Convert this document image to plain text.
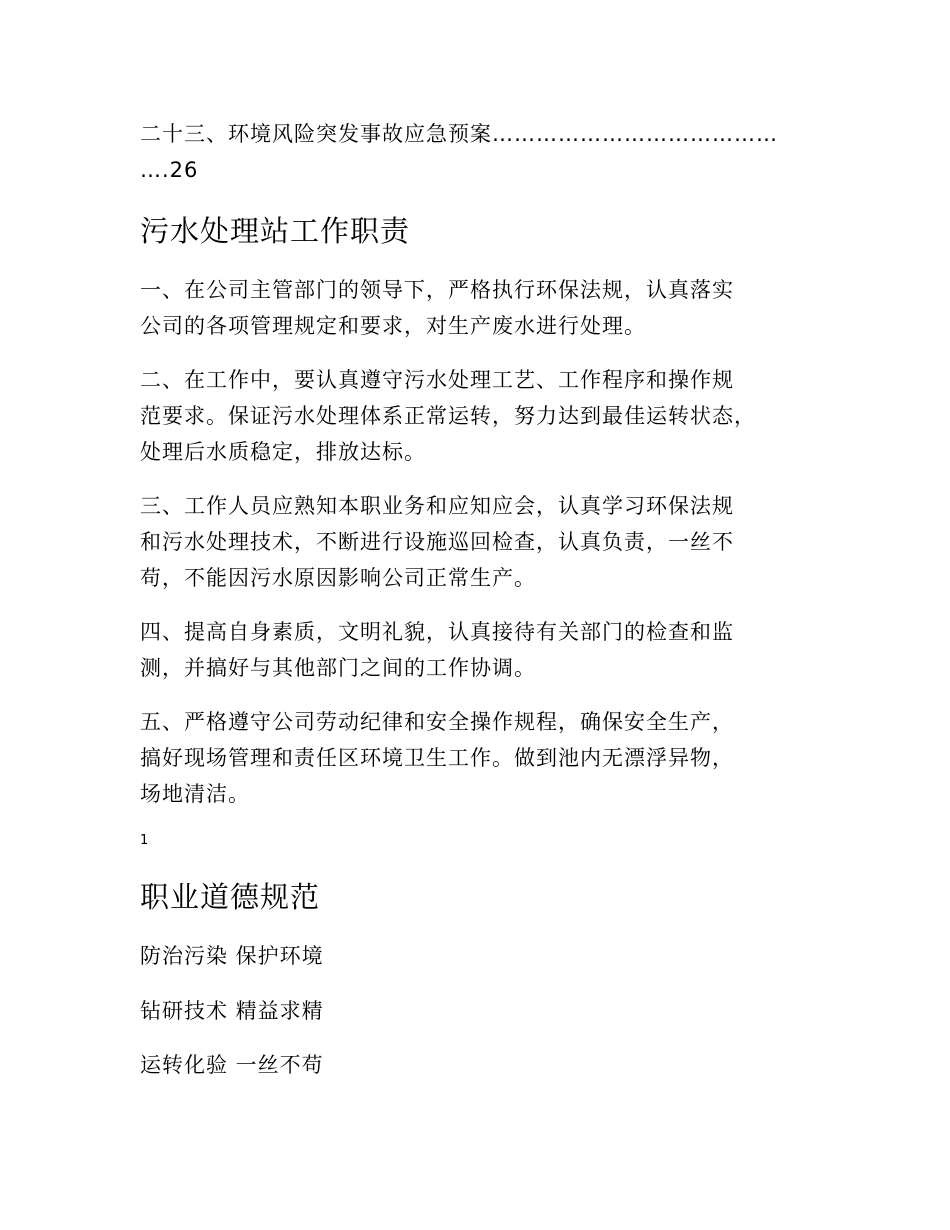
二十三、环境风险突发事故应急预案…………………………………
….26
污水处理站工作职责
一、在公司主管部门的领导下，严格执行环保法规，认真落实
公司的各项管理规定和要求，对生产废水进行处理。
二、在工作中，要认真遵守污水处理工艺、工作程序和操作规
范要求。保证污水处理体系正常运转，努力达到最佳运转状态，
处理后水质稳定，排放达标。
三、工作人员应熟知本职业务和应知应会，认真学习环保法规
和污水处理技术，不断进行设施巡回检查，认真负责，一丝不
苟，不能因污水原因影响公司正常生产。
四、提高自身素质，文明礼貌，认真接待有关部门的检查和监
测，并搞好与其他部门之间的工作协调。
五、严格遵守公司劳动纪律和安全操作规程，确保安全生产，
搞好现场管理和责任区环境卫生工作。做到池内无漂浮异物，
场地清洁。
1
职业道德规范
防治污染 保护环境
钻研技术 精益求精
运转化验 一丝不苟
